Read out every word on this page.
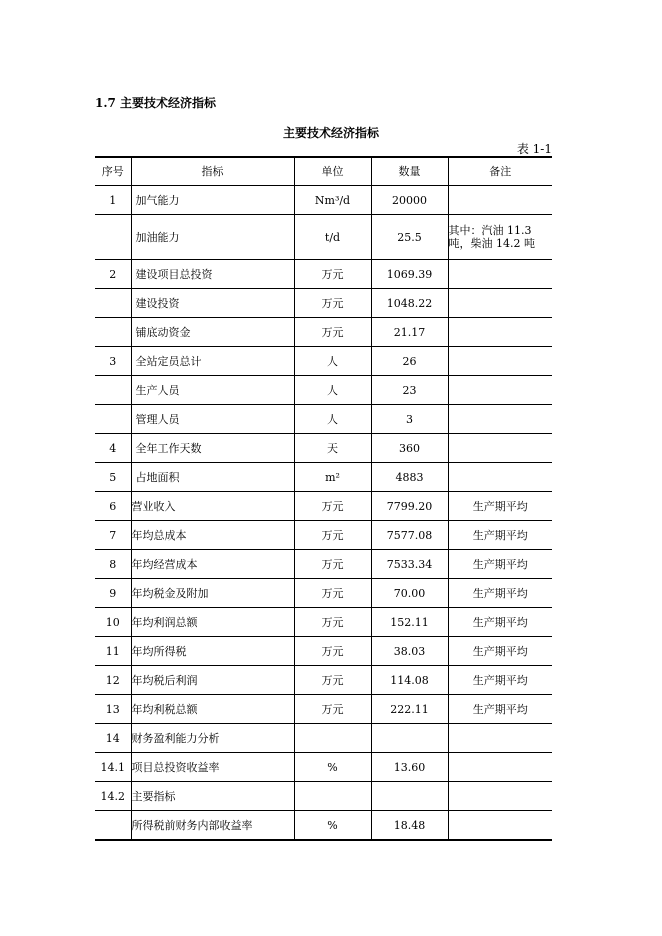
1.7 主要技术经济指标
主要技术经济指标
表 1-1
序号	指标	单位	数量	备注
1	加气能力	Nm³/d	20000	
	加油能力	t/d	25.5	其中：汽油 11.3 吨，柴油 14.2 吨
2	建设项目总投资	万元	1069.39	
	建设投资	万元	1048.22	
	铺底动资金	万元	21.17	
3	全站定员总计	人	26	
	生产人员	人	23	
	管理人员	人	3	
4	全年工作天数	天	360	
5	占地面积	m²	4883	
6	营业收入	万元	7799.20	生产期平均
7	年均总成本	万元	7577.08	生产期平均
8	年均经营成本	万元	7533.34	生产期平均
9	年均税金及附加	万元	70.00	生产期平均
10	年均利润总额	万元	152.11	生产期平均
11	年均所得税	万元	38.03	生产期平均
12	年均税后利润	万元	114.08	生产期平均
13	年均利税总额	万元	222.11	生产期平均
14	财务盈利能力分析			
14.1	项目总投资收益率	%	13.60	
14.2	主要指标			
	所得税前财务内部收益率	%	18.48	
